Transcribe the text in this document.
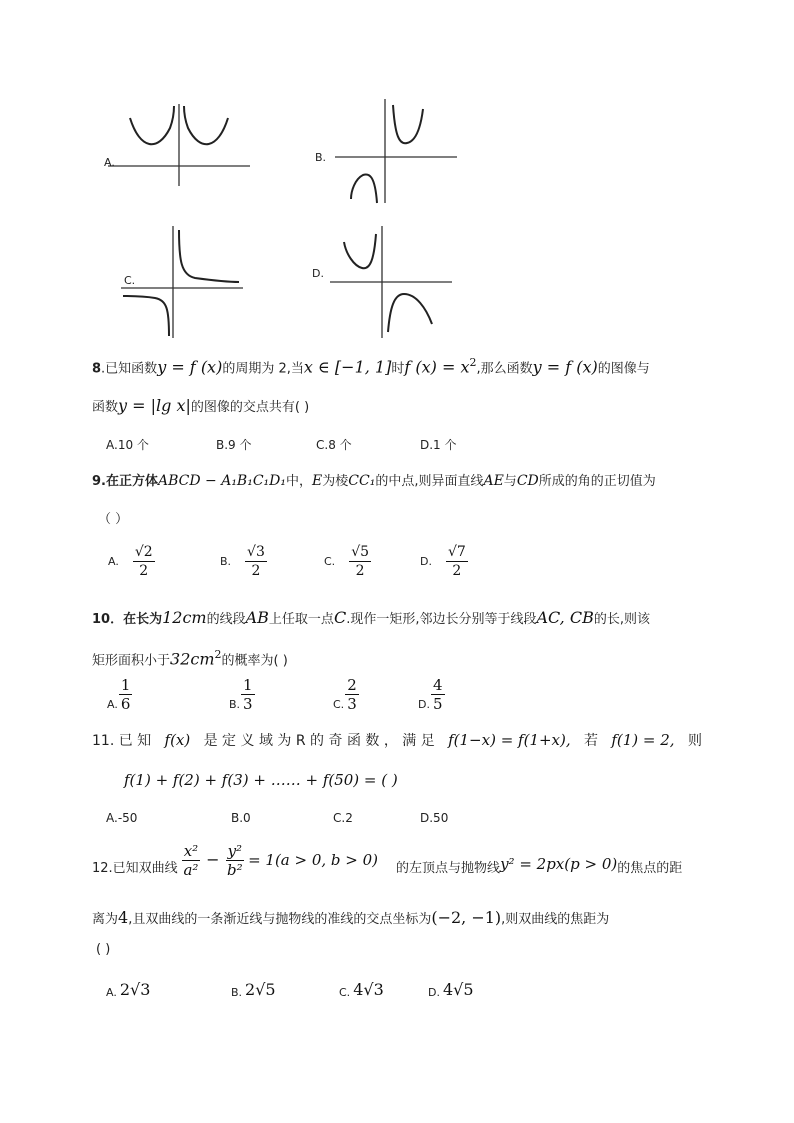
A.	B.
C.
D.
8.已知函数y = f (x)的周期为 2,当x ∈ [−1, 1]时f $(x) = x^2$,那么函数y = f (x)的图像与
函数y = |lg x|的图像的交点共有( )
A.10 个	B.9 个	C.8 个	D.1 个
9.在正方体ABCD − A₁B₁C₁D₁中，E为棱CC₁的中点,则异面直线AE与CD所成的角的正切值为
（ ）
A. $\frac{√2}{2}$	B. $\frac{√3}{2}$	C. $\frac{√5}{2}$	D. $\frac{√7}{2}$
10．在长为12cm的线段AB上任取一点C.现作一矩形,邻边长分别等于线段AC, CB的长,则该
矩形面积小于$32cm^2$的概率为( )
A. $\frac{1}{6}$	B. $\frac{1}{3}$	C. $\frac{2}{3}$	D. $\frac{4}{5}$
11. 已 知 f(x) 是 定 义 域 为 R 的 奇 函 数 ， 满 足 f(1−x) = f(1+x), 若 f(1) = 2, 则
f(1) + f(2) + f(3) + …… + f(50) = ( )
A.-50	B.0	C.2	D.50
12.已知双曲线 $\frac{\text{x²}}{\text{a²}} - \frac{\text{y²}}{\text{b²}} = 1(a > 0$, b > 0)	的左顶点与抛物线 y² = 2px(p > 0) 的焦点的距
离为4,且双曲线的一条渐近线与抛物线的准线的交点坐标为(−2, −1),则双曲线的焦距为
( )
A. 2√3	B. 2√5	C. 4√3	D. 4√5
